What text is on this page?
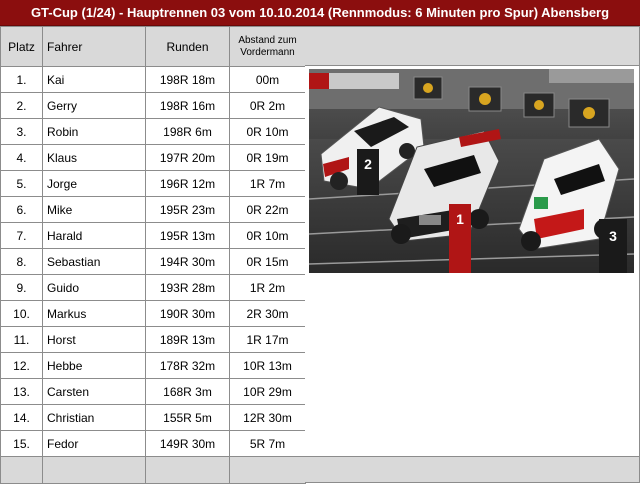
GT-Cup (1/24) - Hauptrennen 03 vom 10.10.2014 (Rennmodus: 6 Minuten pro Spur) Abensberg
Platz	Fahrer	Runden	Abstand zum
Vordermann
1.	Kai	198R 18m	00m
2.	Gerry	198R 16m	0R 2m
3.	Robin	198R 6m	0R 10m
4.	Klaus	197R 20m	0R 19m
5.	Jorge	196R 12m	1R 7m
6.	Mike	195R 23m	0R 22m
7.	Harald	195R 13m	0R 10m
8.	Sebastian	194R 30m	0R 15m
9.	Guido	193R 28m	1R 2m
10.	Markus	190R 30m	2R 30m
11.	Horst	189R 13m	1R 17m
12.	Hebbe	178R 32m	10R 13m
13.	Carsten	168R 3m	10R 29m
14.	Christian	155R 5m	12R 30m
15.	Fedor	149R 30m	5R 7m

1
2
3
